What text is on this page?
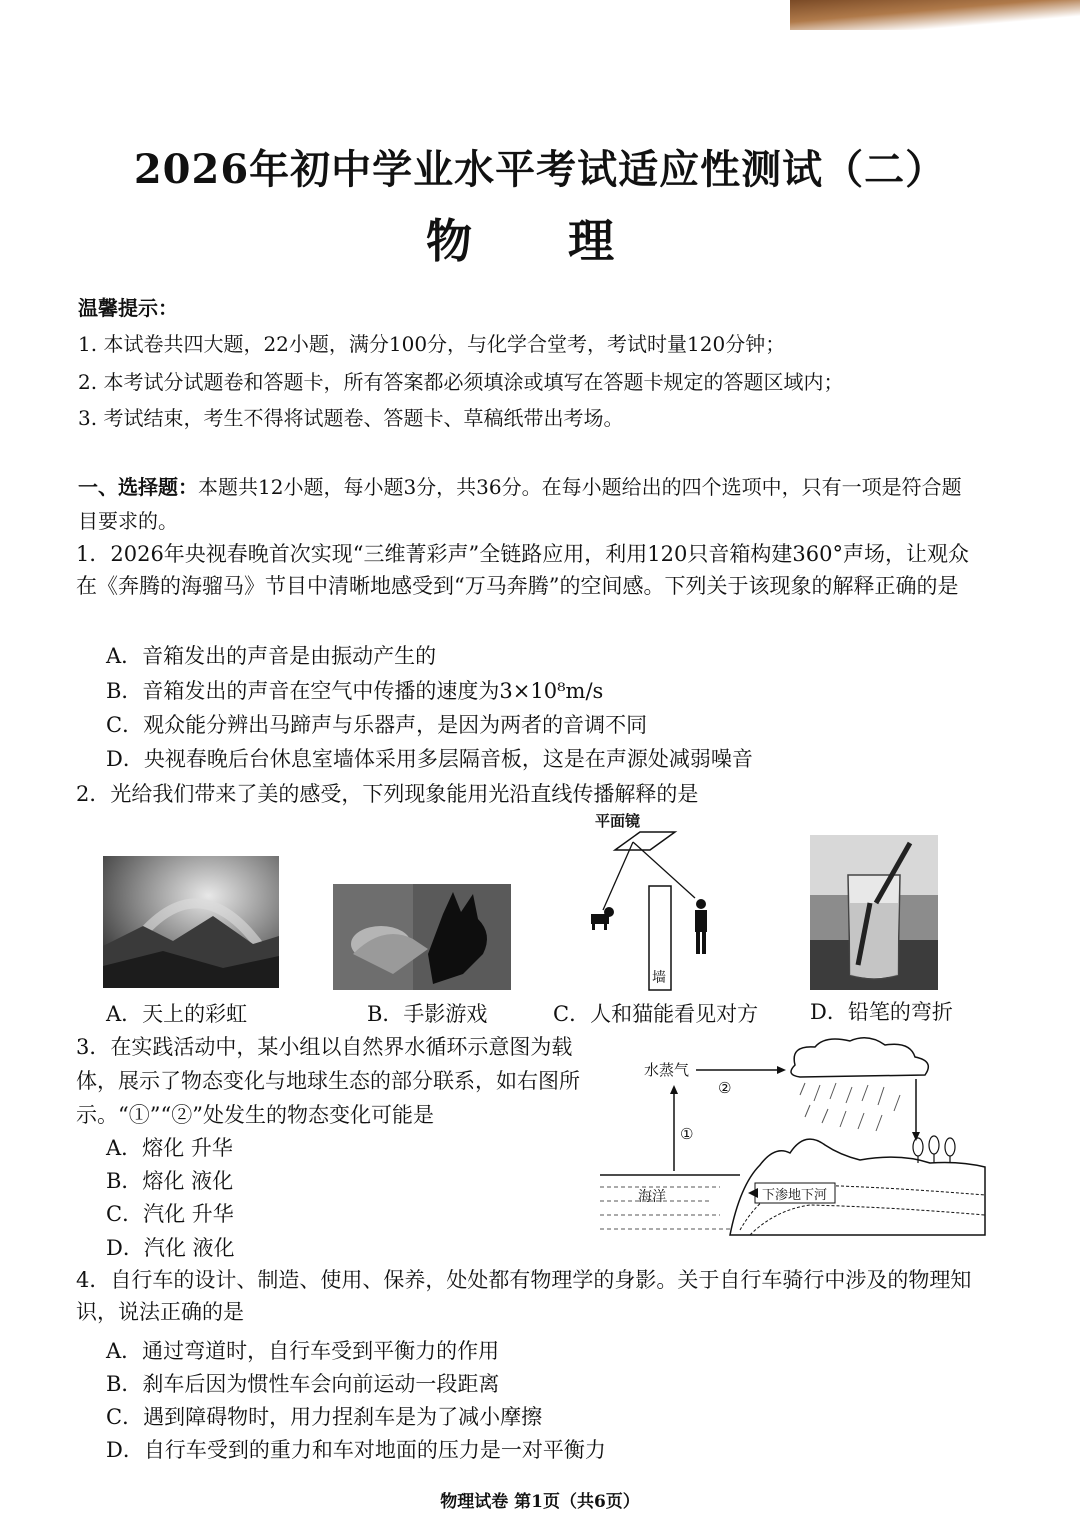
2026年初中学业水平考试适应性测试（二）
物 理
温馨提示：
1. 本试卷共四大题，22小题，满分100分，与化学合堂考，考试时量120分钟；
2. 本考试分试题卷和答题卡，所有答案都必须填涂或填写在答题卡规定的答题区域内；
3. 考试结束，考生不得将试题卷、答题卡、草稿纸带出考场。
一、选择题：本题共12小题，每小题3分，共36分。在每小题给出的四个选项中，只有一项是符合题目要求的。
1．2026年央视春晚首次实现“三维菁彩声”全链路应用，利用120只音箱构建360°声场，让观众在《奔腾的海骝马》节目中清晰地感受到“万马奔腾”的空间感。下列关于该现象的解释正确的是
A．音箱发出的声音是由振动产生的
B．音箱发出的声音在空气中传播的速度为3×10⁸m/s
C．观众能分辨出马蹄声与乐器声，是因为两者的音调不同
D．央视春晚后台休息室墙体采用多层隔音板，这是在声源处减弱噪音
2．光给我们带来了美的感受，下列现象能用光沿直线传播解释的是
平面镜
墙
A．天上的彩虹	B．手影游戏	C．人和猫能看见对方 D．铅笔的弯折
3．在实践活动中，某小组以自然界水循环示意图为载体，展示了物态变化与地球生态的部分联系，如右图所示。“①”“②”处发生的物态变化可能是
A．熔化 升华
B．熔化 液化
C．汽化 升华
D．汽化 液化
水蒸气
②
①
海洋	下渗地下河
4．自行车的设计、制造、使用、保养，处处都有物理学的身影。关于自行车骑行中涉及的物理知识，说法正确的是
A．通过弯道时，自行车受到平衡力的作用
B．刹车后因为惯性车会向前运动一段距离
C．遇到障碍物时，用力捏刹车是为了减小摩擦
D．自行车受到的重力和车对地面的压力是一对平衡力
物理试卷 第1页（共6页）
